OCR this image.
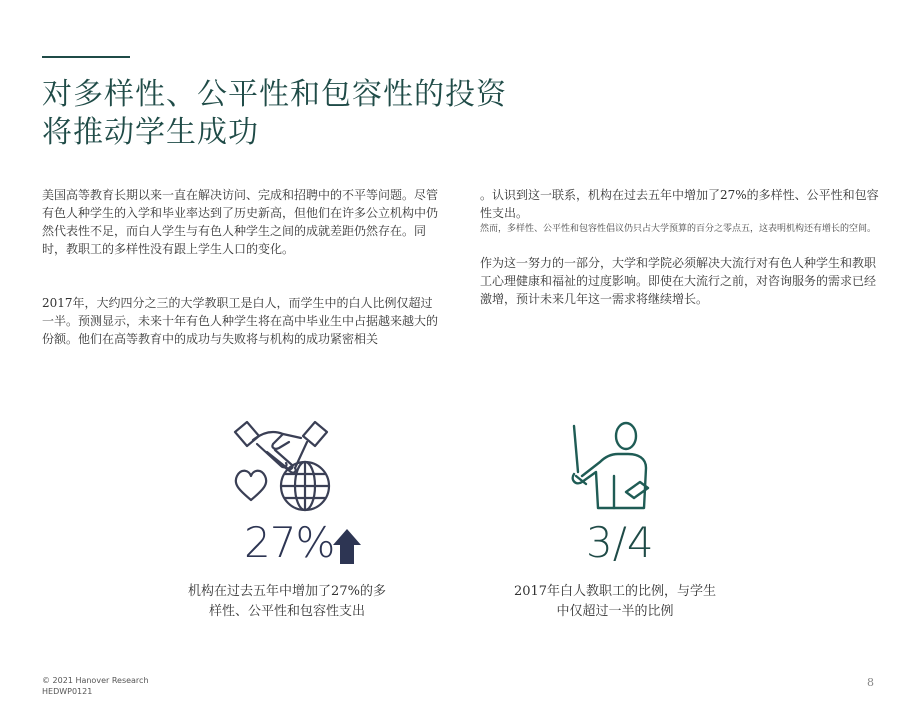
对多样性、公平性和包容性的投资
将推动学生成功

美国高等教育长期以来一直在解决访问、完成和招聘中的不平等问题。尽管有色人种学生的入学和毕业率达到了历史新高，但他们在许多公立机构中仍然代表性不足，而白人学生与有色人种学生之间的成就差距仍然存在。同时，教职工的多样性没有跟上学生人口的变化。

2017年，大约四分之三的大学教职工是白人，而学生中的白人比例仅超过一半。预测显示，未来十年有色人种学生将在高中毕业生中占据越来越大的份额。他们在高等教育中的成功与失败将与机构的成功紧密相关

。认识到这一联系，机构在过去五年中增加了27%的多样性、公平性和包容性支出。

然而，多样性、公平性和包容性倡议仍只占大学预算的百分之零点五，这表明机构还有增长的空间。

作为这一努力的一部分，大学和学院必须解决大流行对有色人种学生和教职工心理健康和福祉的过度影响。即使在大流行之前，对咨询服务的需求已经激增，预计未来几年这一需求将继续增长。

27%	3/4
机构在过去五年中增加了27%的多样性、公平性和包容性支出
2017年白人教职工的比例，与学生中仅超过一半的比例
© 2021 Hanover Research
HEDWP0121
8
